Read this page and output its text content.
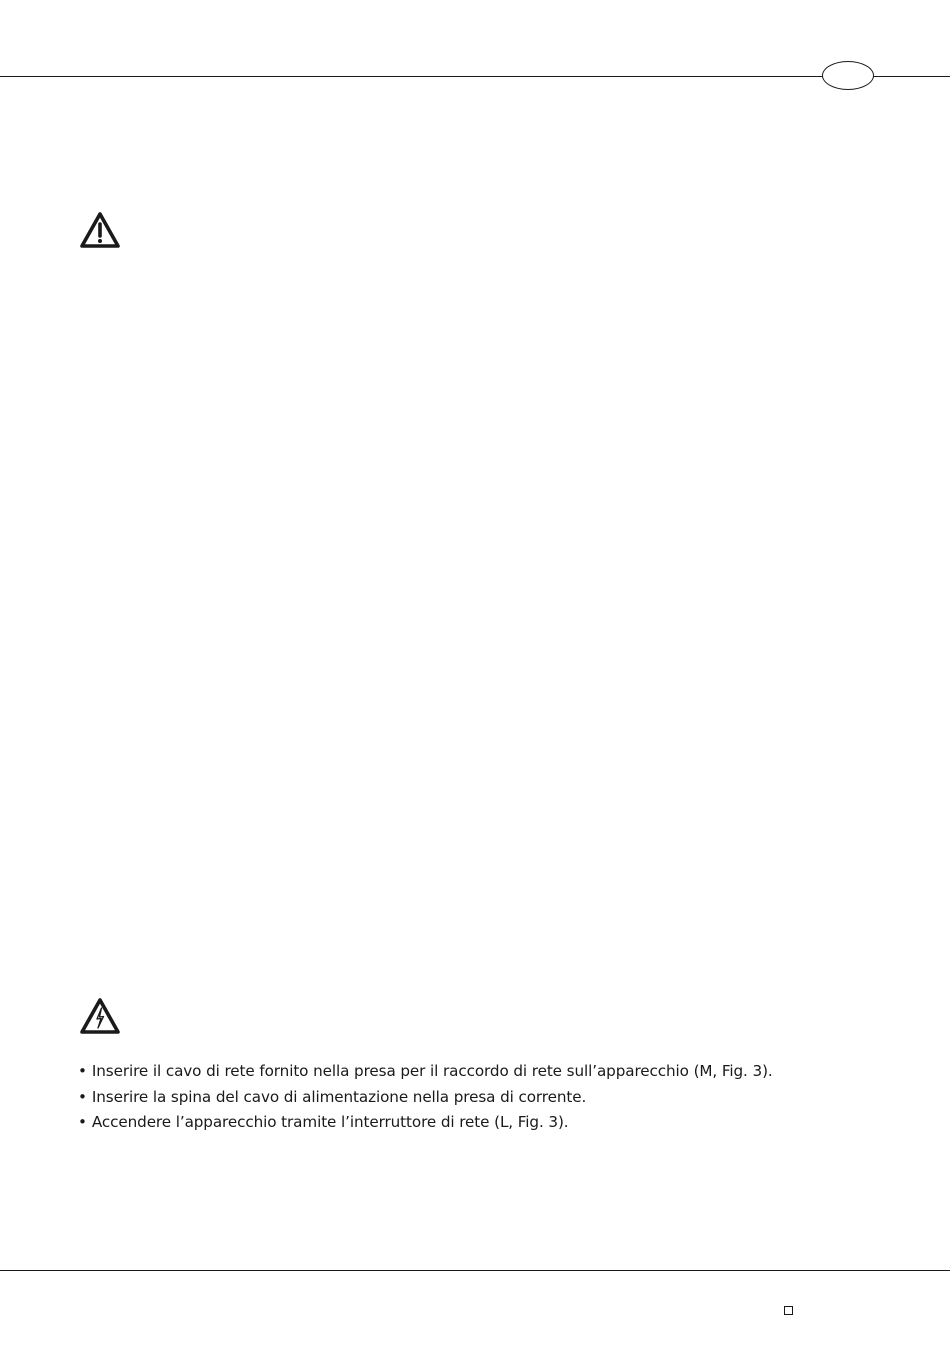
• Inserire il cavo di rete fornito nella presa per il raccordo di rete sull’apparecchio (M, Fig. 3).
• Inserire la spina del cavo di alimentazione nella presa di corrente.
• Accendere l’apparecchio tramite l’interruttore di rete (L, Fig. 3).
